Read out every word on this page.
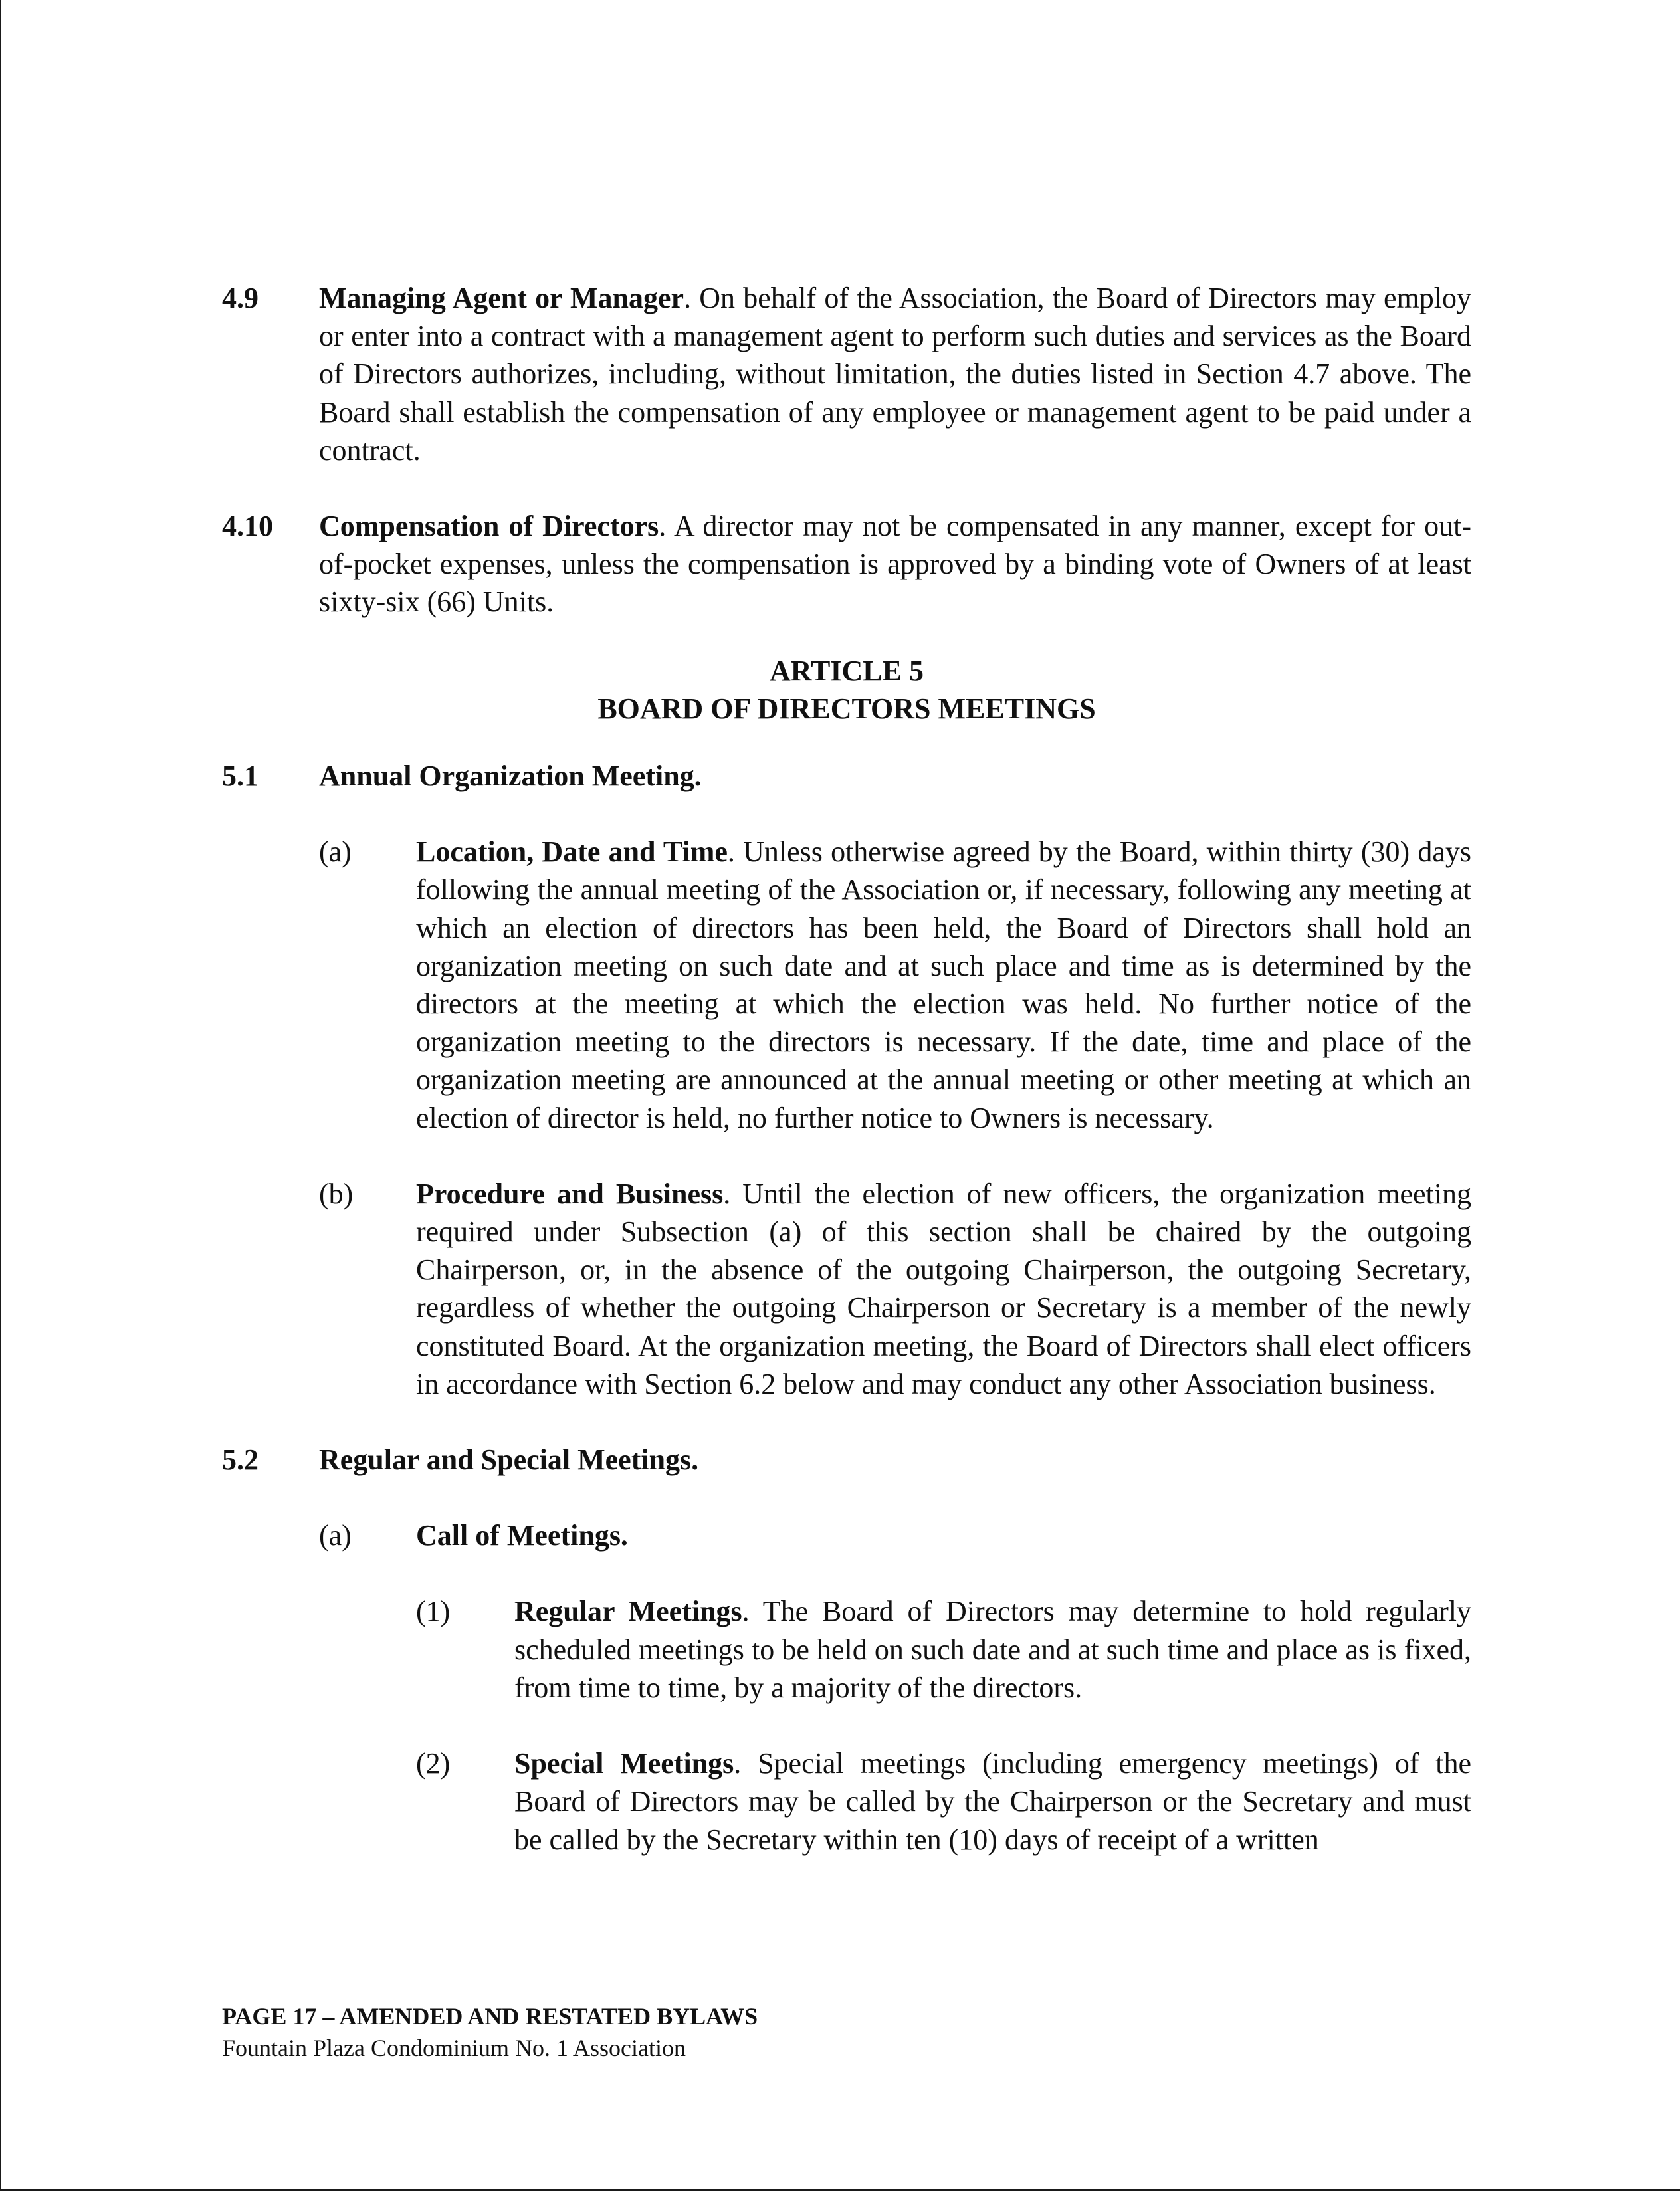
4.9 Managing Agent or Manager. On behalf of the Association, the Board of Directors may employ or enter into a contract with a management agent to perform such duties and services as the Board of Directors authorizes, including, without limitation, the duties listed in Section 4.7 above. The Board shall establish the compensation of any employee or management agent to be paid under a contract.
4.10 Compensation of Directors. A director may not be compensated in any manner, except for out-of-pocket expenses, unless the compensation is approved by a binding vote of Owners of at least sixty-six (66) Units.
ARTICLE 5
BOARD OF DIRECTORS MEETINGS
5.1 Annual Organization Meeting.
(a) Location, Date and Time. Unless otherwise agreed by the Board, within thirty (30) days following the annual meeting of the Association or, if necessary, following any meeting at which an election of directors has been held, the Board of Directors shall hold an organization meeting on such date and at such place and time as is determined by the directors at the meeting at which the election was held. No further notice of the organization meeting to the directors is necessary. If the date, time and place of the organization meeting are announced at the annual meeting or other meeting at which an election of director is held, no further notice to Owners is necessary.
(b) Procedure and Business. Until the election of new officers, the organization meeting required under Subsection (a) of this section shall be chaired by the outgoing Chairperson, or, in the absence of the outgoing Chairperson, the outgoing Secretary, regardless of whether the outgoing Chairperson or Secretary is a member of the newly constituted Board. At the organization meeting, the Board of Directors shall elect officers in accordance with Section 6.2 below and may conduct any other Association business.
5.2 Regular and Special Meetings.
(a) Call of Meetings.
(1) Regular Meetings. The Board of Directors may determine to hold regularly scheduled meetings to be held on such date and at such time and place as is fixed, from time to time, by a majority of the directors.
(2) Special Meetings. Special meetings (including emergency meetings) of the Board of Directors may be called by the Chairperson or the Secretary and must be called by the Secretary within ten (10) days of receipt of a written
PAGE 17 – AMENDED AND RESTATED BYLAWS
Fountain Plaza Condominium No. 1 Association
